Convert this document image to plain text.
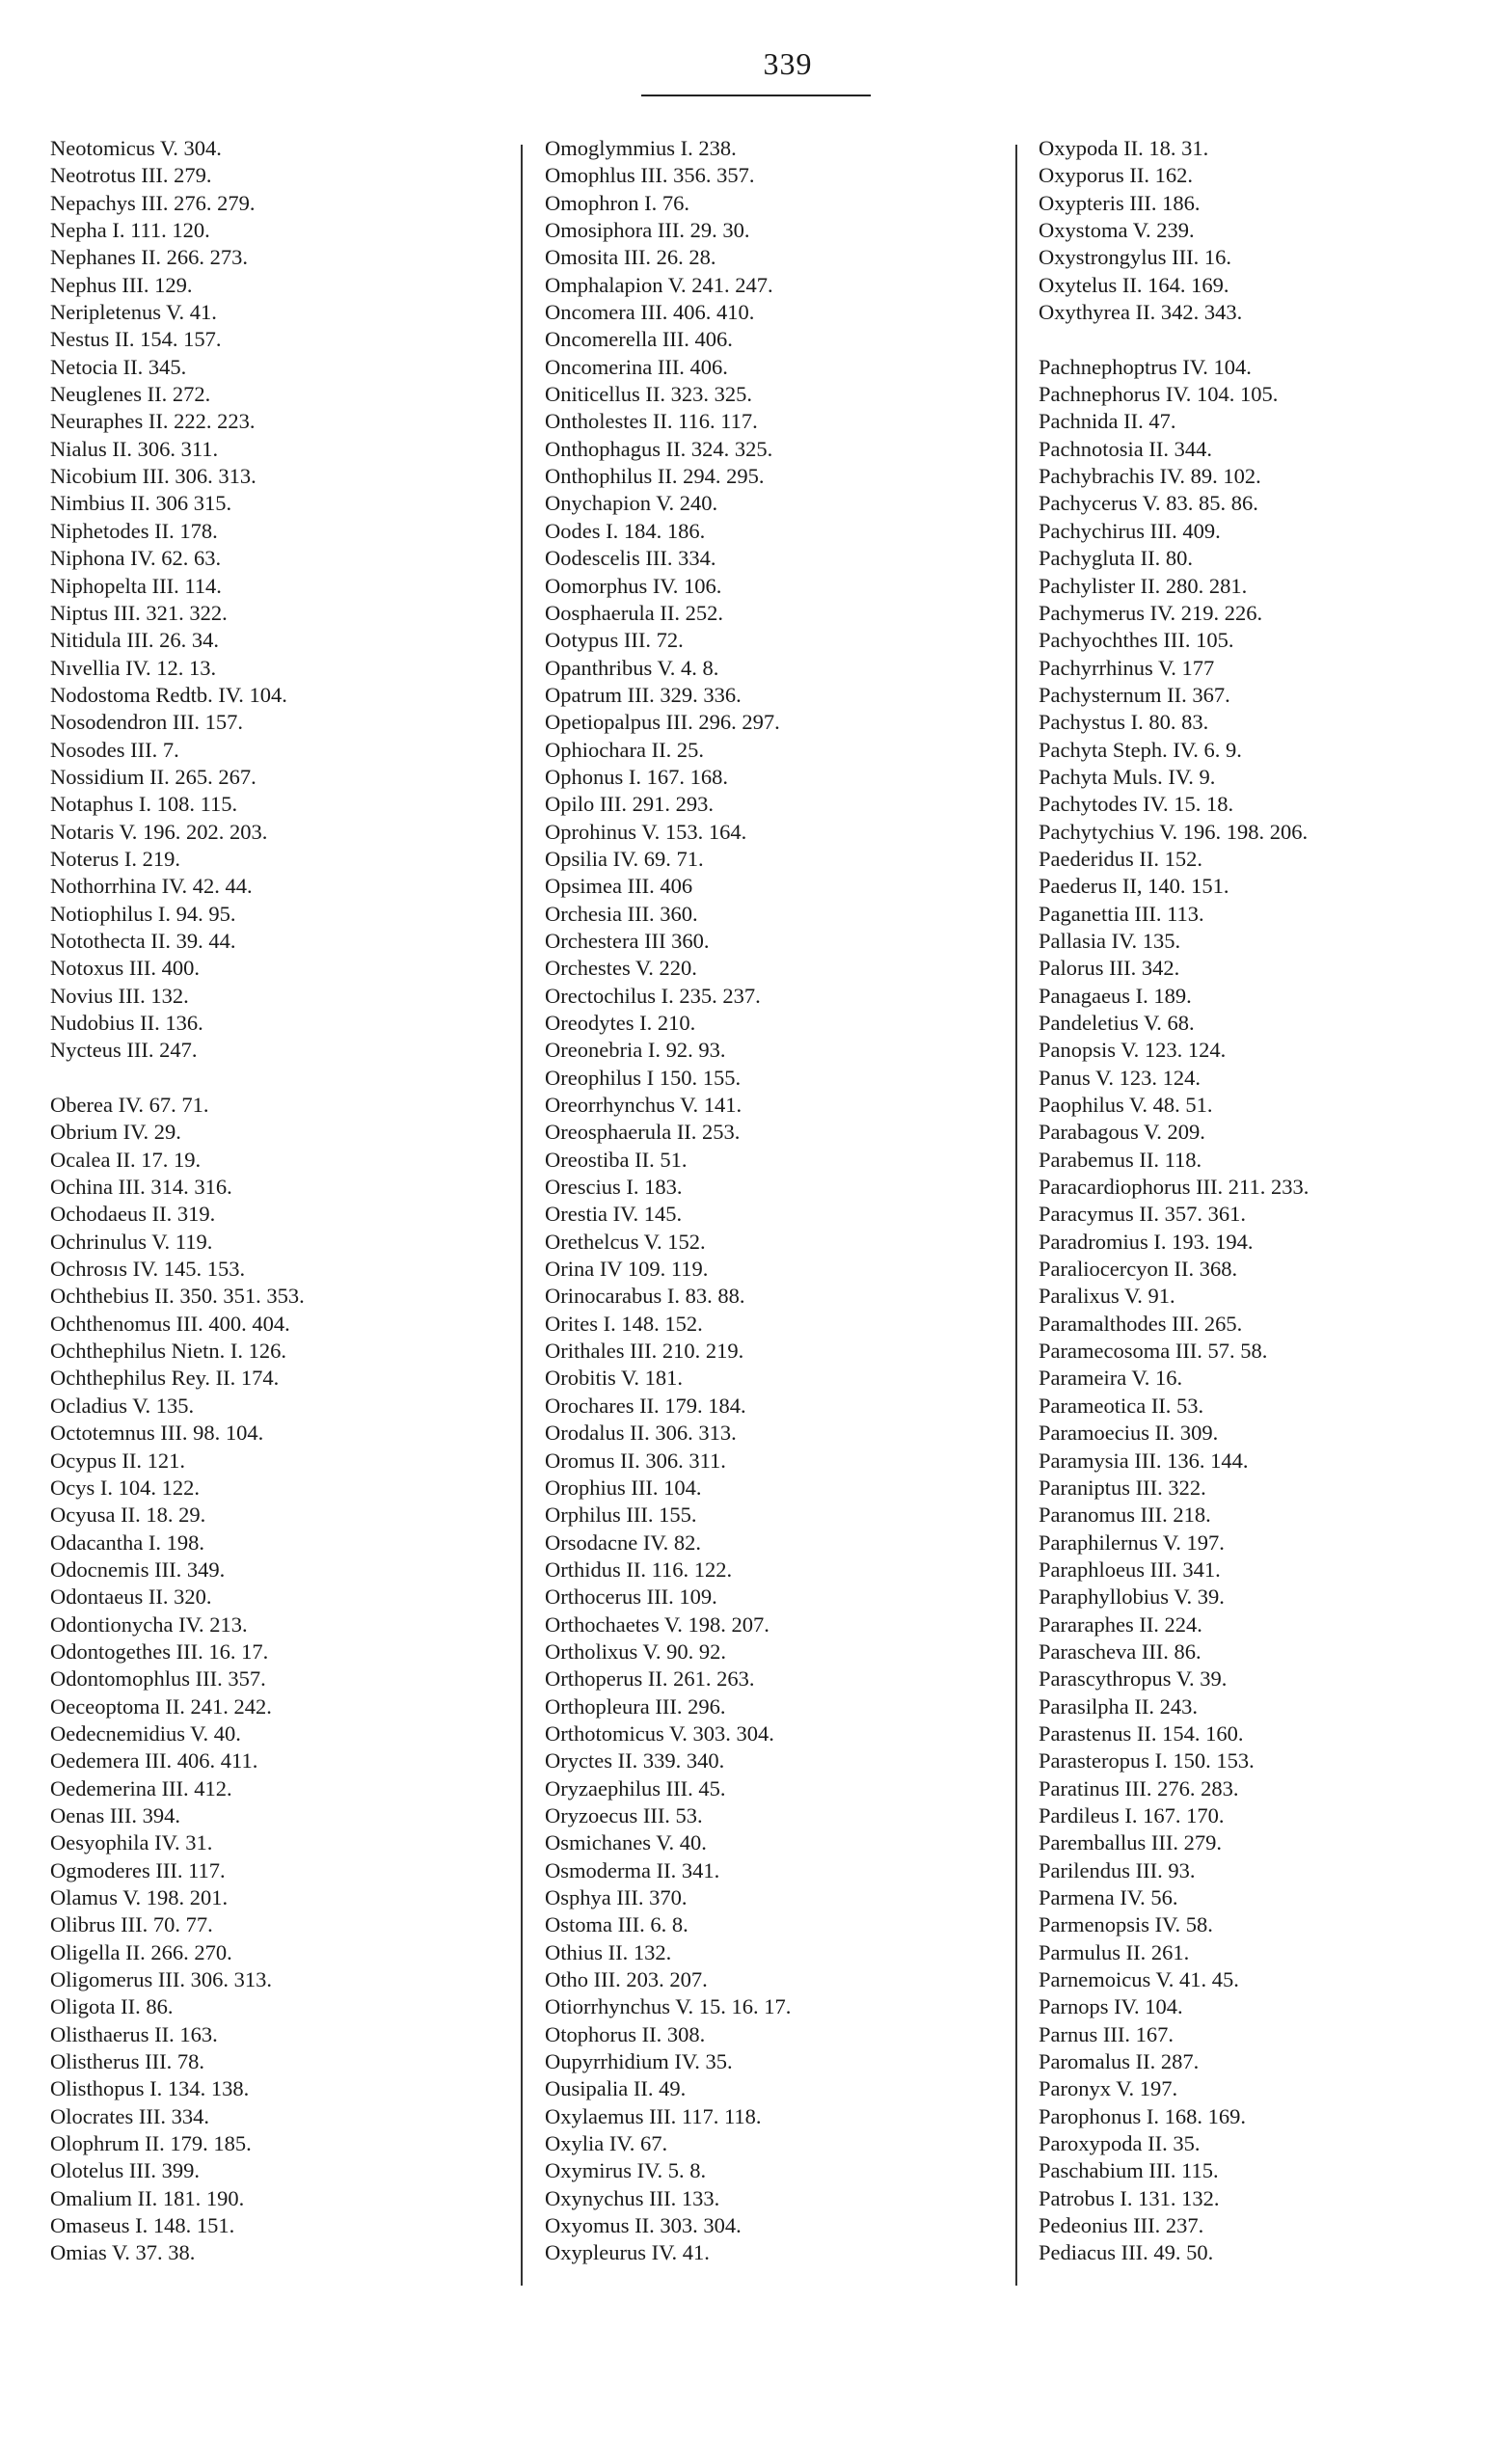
339
Neotomicus V. 304.
Neotrotus III. 279.
Nepachys III. 276. 279.
Nepha I. 111. 120.
Nephanes II. 266. 273.
Nephus III. 129.
Neripletenus V. 41.
Nestus II. 154. 157.
Netocia II. 345.
Neuglenes II. 272.
Neuraphes II. 222. 223.
Nialus II. 306. 311.
Nicobium III. 306. 313.
Nimbius II. 306 315.
Niphetodes II. 178.
Niphona IV. 62. 63.
Niphopelta III. 114.
Niptus III. 321. 322.
Nitidula III. 26. 34.
Nıvellia IV. 12. 13.
Nodostoma Redtb. IV. 104.
Nosodendron III. 157.
Nosodes III. 7.
Nossidium II. 265. 267.
Notaphus I. 108. 115.
Notaris V. 196. 202. 203.
Noterus I. 219.
Nothorrhina IV. 42. 44.
Notiophilus I. 94. 95.
Notothecta II. 39. 44.
Notoxus III. 400.
Novius III. 132.
Nudobius II. 136.
Nycteus III. 247.
Oberea IV. 67. 71.
Obrium IV. 29.
Ocalea II. 17. 19.
Ochina III. 314. 316.
Ochodaeus II. 319.
Ochrinulus V. 119.
Ochrosıs IV. 145. 153.
Ochthebius II. 350. 351. 353.
Ochthenomus III. 400. 404.
Ochthephilus Nietn. I. 126.
Ochthephilus Rey. II. 174.
Ocladius V. 135.
Octotemnus III. 98. 104.
Ocypus II. 121.
Ocys I. 104. 122.
Ocyusa II. 18. 29.
Odacantha I. 198.
Odocnemis III. 349.
Odontaeus II. 320.
Odontionycha IV. 213.
Odontogethes III. 16. 17.
Odontomophlus III. 357.
Oeceoptoma II. 241. 242.
Oedecnemidius V. 40.
Oedemera III. 406. 411.
Oedemerina III. 412.
Oenas III. 394.
Oesyophila IV. 31.
Ogmoderes III. 117.
Olamus V. 198. 201.
Olibrus III. 70. 77.
Oligella II. 266. 270.
Oligomerus III. 306. 313.
Oligota II. 86.
Olisthaerus II. 163.
Olistherus III. 78.
Olisthopus I. 134. 138.
Olocrates III. 334.
Olophrum II. 179. 185.
Olotelus III. 399.
Omalium II. 181. 190.
Omaseus I. 148. 151.
Omias V. 37. 38.
Omoglymmius I. 238.
Omophlus III. 356. 357.
Omophron I. 76.
Omosiphora III. 29. 30.
Omosita III. 26. 28.
Omphalapion V. 241. 247.
Oncomera III. 406. 410.
Oncomerella III. 406.
Oncomerina III. 406.
Oniticellus II. 323. 325.
Ontholestes II. 116. 117.
Onthophagus II. 324. 325.
Onthophilus II. 294. 295.
Onychapion V. 240.
Oodes I. 184. 186.
Oodescelis III. 334.
Oomorphus IV. 106.
Oosphaerula II. 252.
Ootypus III. 72.
Opanthribus V. 4. 8.
Opatrum III. 329. 336.
Opetiopalpus III. 296. 297.
Ophiochara II. 25.
Ophonus I. 167. 168.
Opilo III. 291. 293.
Oprohinus V. 153. 164.
Opsilia IV. 69. 71.
Opsimea III. 406
Orchesia III. 360.
Orchestera III 360.
Orchestes V. 220.
Orectochilus I. 235. 237.
Oreodytes I. 210.
Oreonebria I. 92. 93.
Oreophilus I 150. 155.
Oreorrhynchus V. 141.
Oreosphaerula II. 253.
Oreostiba II. 51.
Orescius I. 183.
Orestia IV. 145.
Orethelcus V. 152.
Orina IV 109. 119.
Orinocarabus I. 83. 88.
Orites I. 148. 152.
Orithales III. 210. 219.
Orobitis V. 181.
Orochares II. 179. 184.
Orodalus II. 306. 313.
Oromus II. 306. 311.
Orophius III. 104.
Orphilus III. 155.
Orsodacne IV. 82.
Orthidus II. 116. 122.
Orthocerus III. 109.
Orthochaetes V. 198. 207.
Ortholixus V. 90. 92.
Orthoperus II. 261. 263.
Orthopleura III. 296.
Orthotomicus V. 303. 304.
Oryctes II. 339. 340.
Oryzaephilus III. 45.
Oryzoecus III. 53.
Osmichanes V. 40.
Osmoderma II. 341.
Osphya III. 370.
Ostoma III. 6. 8.
Othius II. 132.
Otho III. 203. 207.
Otiorrhynchus V. 15. 16. 17.
Otophorus II. 308.
Oupyrrhidium IV. 35.
Ousipalia II. 49.
Oxylaemus III. 117. 118.
Oxylia IV. 67.
Oxymirus IV. 5. 8.
Oxynychus III. 133.
Oxyomus II. 303. 304.
Oxypleurus IV. 41.
Oxypoda II. 18. 31.
Oxyporus II. 162.
Oxypteris III. 186.
Oxystoma V. 239.
Oxystrongylus III. 16.
Oxytelus II. 164. 169.
Oxythyrea II. 342. 343.
Pachnephoptrus IV. 104.
Pachnephorus IV. 104. 105.
Pachnida II. 47.
Pachnotosia II. 344.
Pachybrachis IV. 89. 102.
Pachycerus V. 83. 85. 86.
Pachychirus III. 409.
Pachygluta II. 80.
Pachylister II. 280. 281.
Pachymerus IV. 219. 226.
Pachyochthes III. 105.
Pachyrrhinus V. 177
Pachysternum II. 367.
Pachystus I. 80. 83.
Pachyta Steph. IV. 6. 9.
Pachyta Muls. IV. 9.
Pachytodes IV. 15. 18.
Pachytychius V. 196. 198. 206.
Paederidus II. 152.
Paederus II, 140. 151.
Paganettia III. 113.
Pallasia IV. 135.
Palorus III. 342.
Panagaeus I. 189.
Pandeletius V. 68.
Panopsis V. 123. 124.
Panus V. 123. 124.
Paophilus V. 48. 51.
Parabagous V. 209.
Parabemus II. 118.
Paracardiophorus III. 211. 233.
Paracymus II. 357. 361.
Paradromius I. 193. 194.
Paraliocercyon II. 368.
Paralixus V. 91.
Paramalthodes III. 265.
Paramecosoma III. 57. 58.
Parameira V. 16.
Parameotica II. 53.
Paramoecius II. 309.
Paramysia III. 136. 144.
Paraniptus III. 322.
Paranomus III. 218.
Paraphilernus V. 197.
Paraphloeus III. 341.
Paraphyllobius V. 39.
Pararaphes II. 224.
Parascheva III. 86.
Parascythropus V. 39.
Parasilpha II. 243.
Parastenus II. 154. 160.
Parasteropus I. 150. 153.
Paratinus III. 276. 283.
Pardileus I. 167. 170.
Paremballus III. 279.
Parilendus III. 93.
Parmena IV. 56.
Parmenopsis IV. 58.
Parmulus II. 261.
Parnemoicus V. 41. 45.
Parnops IV. 104.
Parnus III. 167.
Paromalus II. 287.
Paronyx V. 197.
Parophonus I. 168. 169.
Paroxypoda II. 35.
Paschabium III. 115.
Patrobus I. 131. 132.
Pedeonius III. 237.
Pediacus III. 49. 50.
